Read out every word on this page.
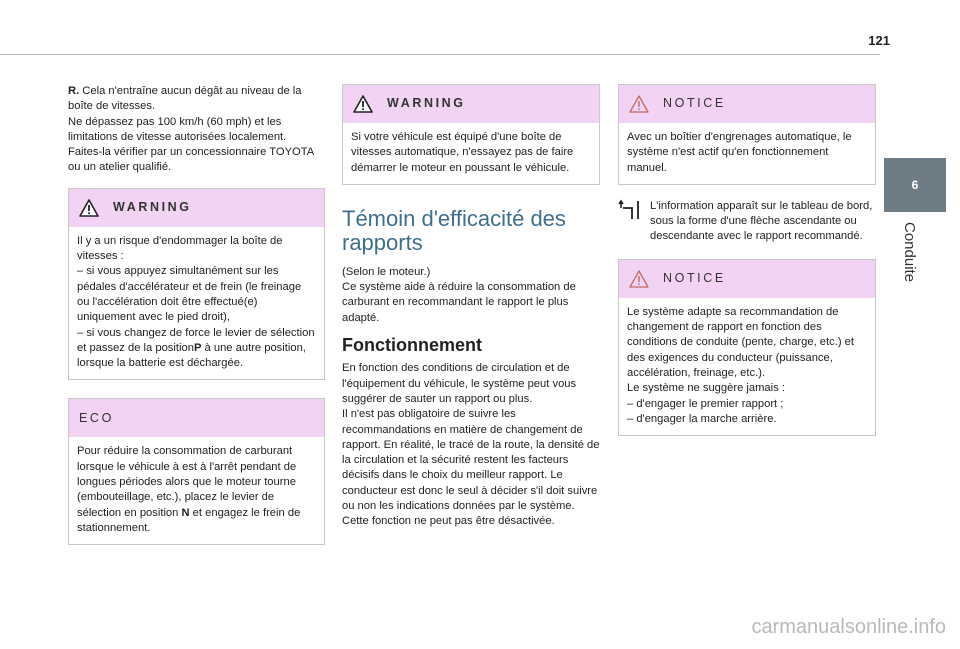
121
6
Conduite

R. Cela n'entraîne aucun dégât au niveau de la boîte de vitesses.

Ne dépassez pas 100 km/h (60 mph) et les limitations de vitesse autorisées localement.

Faites-la vérifier par un concessionnaire TOYOTA ou un atelier qualifié.

WARNING

Il y a un risque d'endommager la boîte de vitesses :

– si vous appuyez simultanément sur les pédales d'accélérateur et de frein (le freinage ou l'accélération doit être effectué(e) uniquement avec le pied droit),

– si vous changez de force le levier de sélection et passez de la positionP à une autre position, lorsque la batterie est déchargée.

ECO

Pour réduire la consommation de carburant lorsque le véhicule à est à l'arrêt pendant de longues périodes alors que le moteur tourne (embouteillage, etc.), placez le levier de sélection en position N et engagez le frein de stationnement.

WARNING

Si votre véhicule est équipé d'une boîte de vitesses automatique, n'essayez pas de faire démarrer le moteur en poussant le véhicule.

Témoin d'efficacité des rapports

(Selon le moteur.)

Ce système aide à réduire la consommation de carburant en recommandant le rapport le plus adapté.

Fonctionnement

En fonction des conditions de circulation et de l'équipement du véhicule, le système peut vous suggérer de sauter un rapport ou plus.

Il n'est pas obligatoire de suivre les recommandations en matière de changement de rapport. En réalité, le tracé de la route, la densité de la circulation et la sécurité restent les facteurs décisifs dans le choix du meilleur rapport. Le conducteur est donc le seul à décider s'il doit suivre ou non les indications données par le système.

Cette fonction ne peut pas être désactivée.

NOTICE

Avec un boîtier d'engrenages automatique, le système n'est actif qu'en fonctionnement manuel.

L'information apparaît sur le tableau de bord, sous la forme d'une flèche ascendante ou descendante avec le rapport recommandé.

NOTICE

Le système adapte sa recommandation de changement de rapport en fonction des conditions de conduite (pente, charge, etc.) et des exigences du conducteur (puissance, accélération, freinage, etc.).

Le système ne suggère jamais :

– d'engager le premier rapport ;

– d'engager la marche arrière.

carmanualsonline.info
